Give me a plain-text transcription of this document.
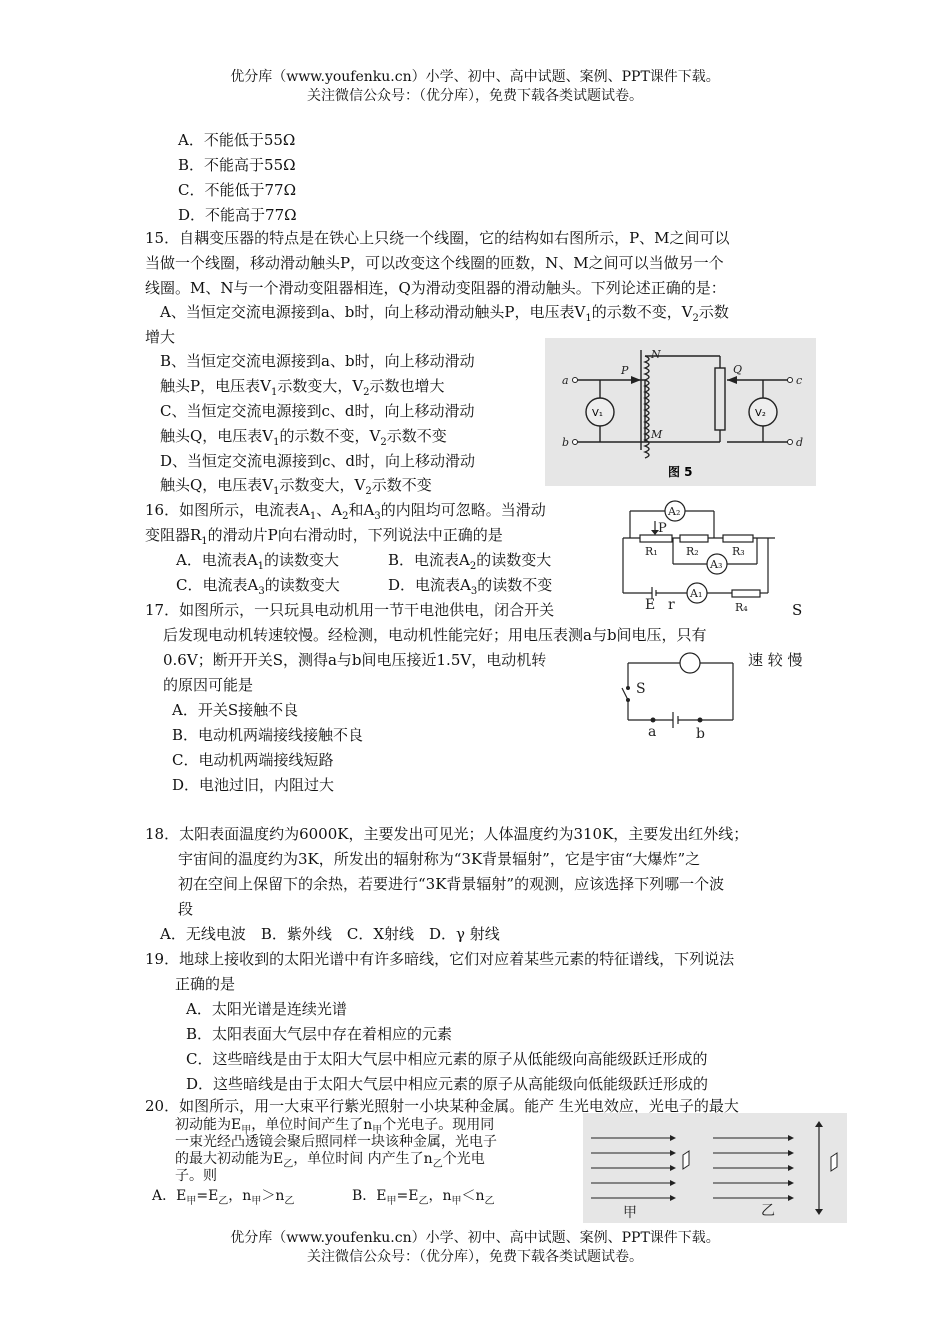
优分库（www.youfenku.cn）小学、初中、高中试题、案例、PPT课件下载。
关注微信公众号：（优分库），免费下载各类试题试卷。
A．不能低于55Ω
B．不能高于55Ω
C．不能低于77Ω
D．不能高于77Ω
15．自耦变压器的特点是在铁心上只绕一个线圈，它的结构如右图所示，P、M之间可以
当做一个线圈，移动滑动触头P，可以改变这个线圈的匝数，N、M之间可以当做另一个
线圈。M、N与一个滑动变阻器相连，Q为滑动变阻器的滑动触头。下列论述正确的是：
A、当恒定交流电源接到a、b时，向上移动滑动触头P，电压表$V_1$的示数不变，$V_2$示数
增大
B、当恒定交流电源接到a、b时，向上移动滑动
触头P，电压表$V_1$示数变大，$V_2$示数也增大
C、当恒定交流电源接到c、d时，向上移动滑动
触头Q，电压表$V_1$的示数不变，$V_2$示数不变
D、当恒定交流电源接到c、d时，向上移动滑动
触头Q，电压表$V_1$示数变大，$V_2$示数不变
a
b
c
d
P
N
M
Q
V₁	V₂
图 5
16．如图所示，电流表$A_1$、$A_2$和$A_3$的内阻均可忽略。当滑动
变阻器$R_1$的滑动片P向右滑动时，下列说法中正确的是
A．电流表$A_1$的读数变大	B．电流表$A_2$的读数变大
C．电流表$A_3$的读数变大	D．电流表$A_3$的读数不变
A₂
A₃
A₁
R₁	R₂	R₃
R₄
E r
P
17．如图所示，一只玩具电动机用一节干电池供电，闭合开关	S
后发现电动机转速较慢。经检测，电动机性能完好；用电压表测a与b间电压，只有
0.6V；断开开关S，测得a与b间电压接近1.5V，电动机转	速 较 慢
的原因可能是
A．开关S接触不良
B．电动机两端接线接触不良
C．电动机两端接线短路
D．电池过旧，内阻过大
S
a	b
18．太阳表面温度约为6000K，主要发出可见光；人体温度约为310K，主要发出红外线；
宇宙间的温度约为3K，所发出的辐射称为“3K背景辐射”，它是宇宙“大爆炸”之
初在空间上保留下的余热，若要进行“3K背景辐射”的观测，应该选择下列哪一个波
段
A．无线电波　B．紫外线　C．X射线　D．γ 射线
19．地球上接收到的太阳光谱中有许多暗线，它们对应着某些元素的特征谱线，下列说法
正确的是
A．太阳光谱是连续光谱
B．太阳表面大气层中存在着相应的元素
C．这些暗线是由于太阳大气层中相应元素的原子从低能级向高能级跃迁形成的
D．这些暗线是由于太阳大气层中相应元素的原子从高能级向低能级跃迁形成的
20．如图所示，用一大束平行紫光照射一小块某种金属。能产 生光电效应，光电子的最大
初动能为$E_甲$，单位时间产生了$n_甲$个光电子。现用同
一束光经凸透镜会聚后照同样一块该种金属，光电子
的最大初动能为$E_乙$，单位时间 内产生了$n_乙$个光电
子。则
A．$E_甲=E_乙$，$n_甲>n_乙$	B．$E_甲=E_乙$，$n_甲<n_乙$
甲	乙
优分库（www.youfenku.cn）小学、初中、高中试题、案例、PPT课件下载。
关注微信公众号：（优分库），免费下载各类试题试卷。
